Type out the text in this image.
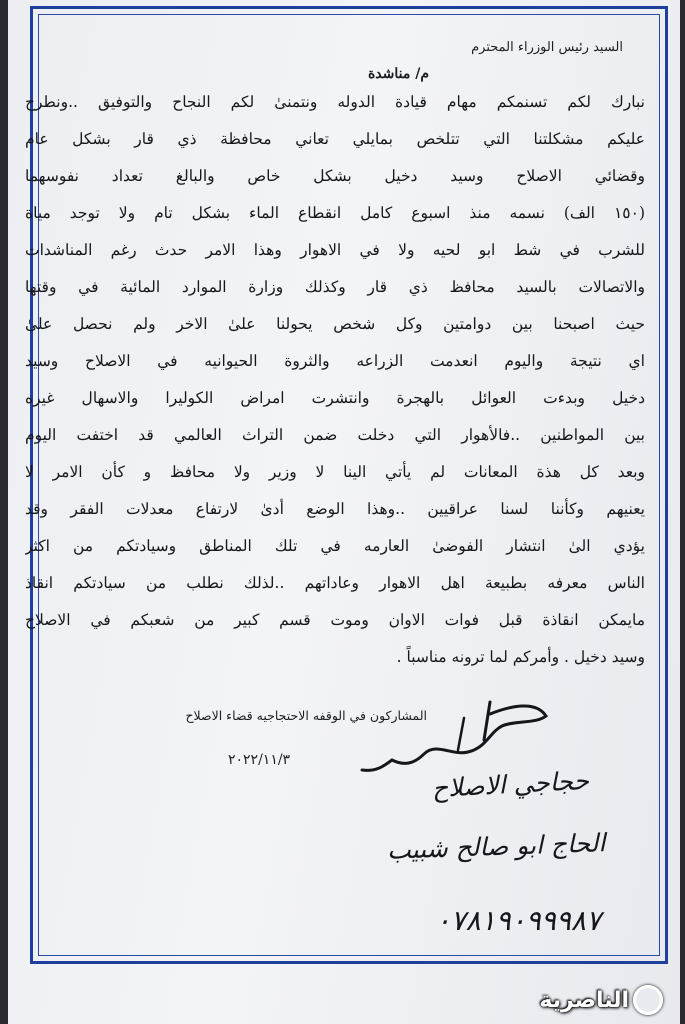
السيد رئيس الوزراء المحترم
م/ مناشدة
نبارك لكم تسنمكم مهام قيادة الدوله ونتمنىٰ لكم النجاح والتوفيق ..ونطرح
عليكم مشكلتنا التي تتلخص بمايلي تعاني محافظة ذي قار بشكل عام
وقضائي الاصلاح وسيد دخيل بشكل خاص والبالغ تعداد نفوسهما
(١٥٠ الف) نسمه منذ اسبوع كامل انقطاع الماء بشكل تام ولا توجد مياة
للشرب في شط ابو لحيه ولا في الاهوار وهذا الامر حدث رغم المناشدات
والاتصالات بالسيد محافظ ذي قار وكذلك وزارة الموارد المائية في وقتها
حيث اصبحنا بين دوامتين وكل شخص يحولنا علىٰ الاخر ولم نحصل علىٰ
اي نتيجة واليوم انعدمت الزراعه والثروة الحيوانيه في الاصلاح وسيد
دخيل وبدءت العوائل بالهجرة وانتشرت امراض الكوليرا والاسهال غيره
بين المواطنين ..فالأهوار التي دخلت ضمن التراث العالمي قد اختفت اليوم
وبعد كل هذة المعانات لم يأتي الينا لا وزير ولا محافظ و كأن الامر لا
يعنيهم وكأننا لسنا عراقيين ..وهذا الوضع أدىٰ لارتفاع معدلات الفقر وقد
يؤدي الىٰ انتشار الفوضىٰ العارمه في تلك المناطق وسيادتكم من اكثر
الناس معرفه بطبيعة اهل الاهوار وعاداتهم ..لذلك نطلب من سيادتكم انقاذ
مايمكن انقاذة قبل فوات الاوان وموت قسم كبير من شعبكم في الاصلاح
وسيد دخيل . وأمركم لما ترونه مناسباً .
المشاركون في الوقفه الاحتجاجيه قضاء الاصلاح
٢٠٢٢/١١/٣
حجاجي الاصلاح
الحاج ابو صالح شبيب
٠٧٨١٩٠٩٩٩٨٧
الناصرية
